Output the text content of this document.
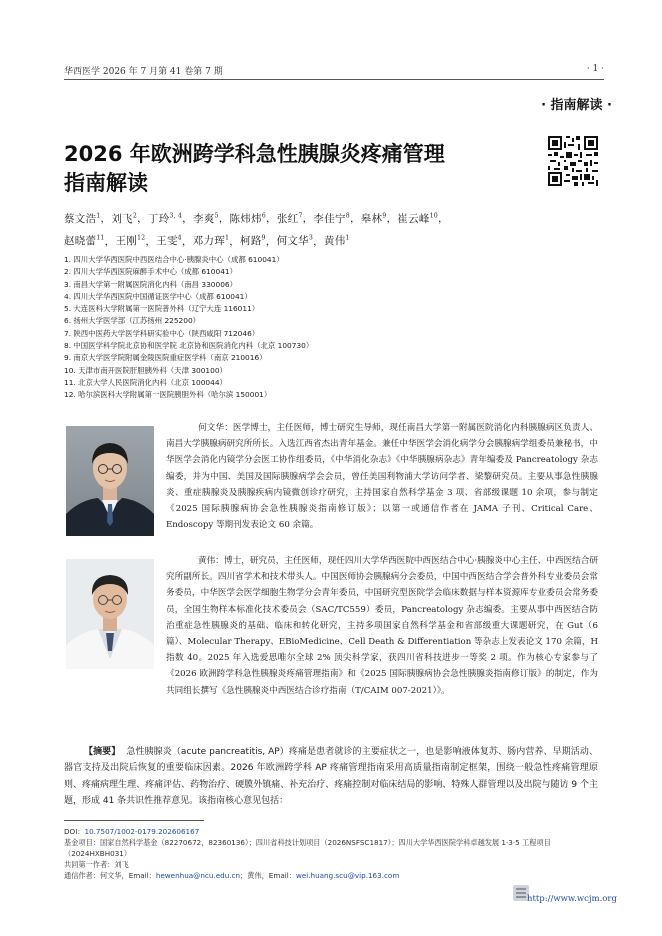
华西医学 2026 年 7 月第 41 卷第 7 期	· 1 ·
· 指南解读 ·
2026 年欧洲跨学科急性胰腺炎疼痛管理
指南解读
蔡文浩$^1$，刘飞$^2$，丁玲$^{3, 4}$，李爽$^5$，陈炜炜$^6$，张红$^7$，李佳宁$^8$，皋林$^9$，崔云峰$^{10}$，
赵晓蕾$^{11}$，王刚$^{12}$，王雯$^4$，邓力珲$^1$，柯路$^9$，何文华$^3$，黄伟$^1$
1. 四川大学华西医院中西医结合中心·胰腺炎中心（成都 610041）
2. 四川大学华西医院麻醉手术中心（成都 610041）
3. 南昌大学第一附属医院消化内科（南昌 330006）
4. 四川大学华西医院中国循证医学中心（成都 610041）
5. 大连医科大学附属第一医院普外科（辽宁大连 116011）
6. 扬州大学医学部（江苏扬州 225200）
7. 陕西中医药大学医学科研实验中心（陕西咸阳 712046）
8. 中国医学科学院北京协和医学院 北京协和医院消化内科（北京 100730）
9. 南京大学医学院附属金陵医院重症医学科（南京 210016）
10. 天津市南开医院肝胆胰外科（天津 300100）
11. 北京大学人民医院消化内科（北京 100044）
12. 哈尔滨医科大学附属第一医院胰胆外科（哈尔滨 150001）
何文华：医学博士，主任医师，博士研究生导师，现任南昌大学第一附属医院消化内科胰腺病区负责人、南昌大学胰腺病研究所所长。入选江西省杰出青年基金。兼任中华医学会消化病学分会胰腺病学组委员兼秘书，中华医学会消化内镜学分会医工协作组委员，《中华消化杂志》《中华胰腺病杂志》青年编委及 Pancreatology 杂志编委，并为中国、美国及国际胰腺病学会会员，曾任美国利物浦大学访问学者、梁黎研究员。主要从事急性胰腺炎、重症胰腺炎及胰腺疾病内镜微创诊疗研究，主持国家自然科学基金 3 项、省部级课题 10 余项，参与制定《2025 国际胰腺病协会急性胰腺炎指南修订版》；以第一或通信作者在 JAMA 子刊、Critical Care、Endoscopy 等期刊发表论文 60 余篇。
黄伟：博士，研究员，主任医师，现任四川大学华西医院中西医结合中心·胰腺炎中心主任、中西医结合研究所副所长。四川省学术和技术带头人。中国医师协会胰腺病分会委员，中国中西医结合学会普外科专业委员会常务委员，中华医学会医学细胞生物学分会青年委员，中国研究型医院学会临床数据与样本资源库专业委员会常务委员，全国生物样本标准化技术委员会（SAC/TC559）委员，Pancreatology 杂志编委。主要从事中西医结合防治重症急性胰腺炎的基础、临床和转化研究，主持多项国家自然科学基金和省部级重大课题研究，在 Gut（6 篇）、Molecular Therapy、EBioMedicine、Cell Death & Differentiation 等杂志上发表论文 170 余篇，H 指数 40。2025 年入选爱思唯尔全球 2% 顶尖科学家，获四川省科技进步一等奖 2 项。作为核心专家参与了《2026 欧洲跨学科急性胰腺炎疼痛管理指南》和《2025 国际胰腺病协会急性胰腺炎指南修订版》的制定，作为共同组长撰写《急性胰腺炎中西医结合诊疗指南（T/CAIM 007-2021）》。
【摘要】 急性胰腺炎（acute pancreatitis, AP）疼痛是患者就诊的主要症状之一，也是影响液体复苏、肠内营养、早期活动、器官支持及出院后恢复的重要临床因素。2026 年欧洲跨学科 AP 疼痛管理指南采用高质量指南制定框架，围绕一般急性疼痛管理原则、疼痛病理生理、疼痛评估、药物治疗、硬膜外镇痛、补充治疗、疼痛控制对临床结局的影响、特殊人群管理以及出院与随访 9 个主题，形成 41 条共识性推荐意见。该指南核心意见包括：
DOI：10.7507/1002-0179.202606167
基金项目：国家自然科学基金（82270672，82360136）；四川省科技计划项目（2026NSFSC1817）；四川大学华西医院学科卓越发展 1·3·5 工程项目（2024HXBH031）
共同第一作者：刘飞
通信作者：何文华，Email：hewenhua@ncu.edu.cn；黄伟，Email：wei.huang.scu@vip.163.com
http://www.wcjm.org
